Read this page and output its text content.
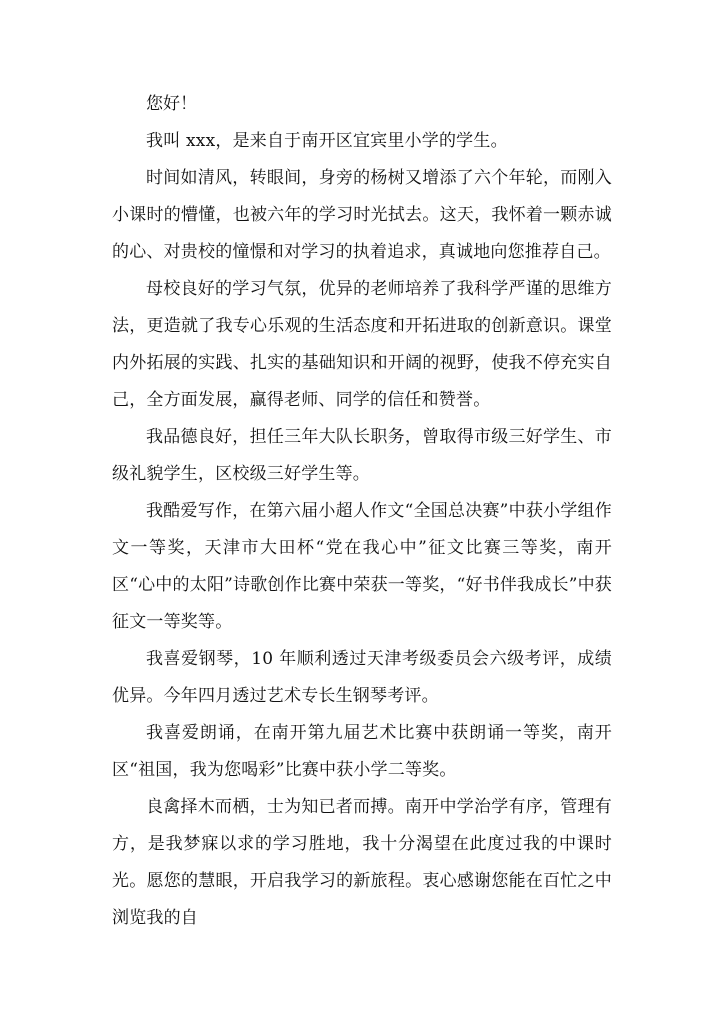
您好！

我叫 xxx，是来自于南开区宜宾里小学的学生。

时间如清风，转眼间，身旁的杨树又增添了六个年轮，而刚入小课时的懵懂，也被六年的学习时光拭去。这天，我怀着一颗赤诚的心、对贵校的憧憬和对学习的执着追求，真诚地向您推荐自己。

母校良好的学习气氛，优异的老师培养了我科学严谨的思维方法，更造就了我专心乐观的生活态度和开拓进取的创新意识。课堂内外拓展的实践、扎实的基础知识和开阔的视野，使我不停充实自己，全方面发展，赢得老师、同学的信任和赞誉。

我品德良好，担任三年大队长职务，曾取得市级三好学生、市级礼貌学生，区校级三好学生等。

我酷爱写作，在第六届小超人作文“全国总决赛”中获小学组作文一等奖，天津市大田杯“党在我心中”征文比赛三等奖，南开区“心中的太阳”诗歌创作比赛中荣获一等奖，“好书伴我成长”中获征文一等奖等。

我喜爱钢琴，10 年顺利透过天津考级委员会六级考评，成绩优异。今年四月透过艺术专长生钢琴考评。

我喜爱朗诵，在南开第九届艺术比赛中获朗诵一等奖，南开区“祖国，我为您喝彩”比赛中获小学二等奖。

良禽择木而栖，士为知已者而搏。南开中学治学有序，管理有方，是我梦寐以求的学习胜地，我十分渴望在此度过我的中课时光。愿您的慧眼，开启我学习的新旅程。衷心感谢您能在百忙之中浏览我的自
